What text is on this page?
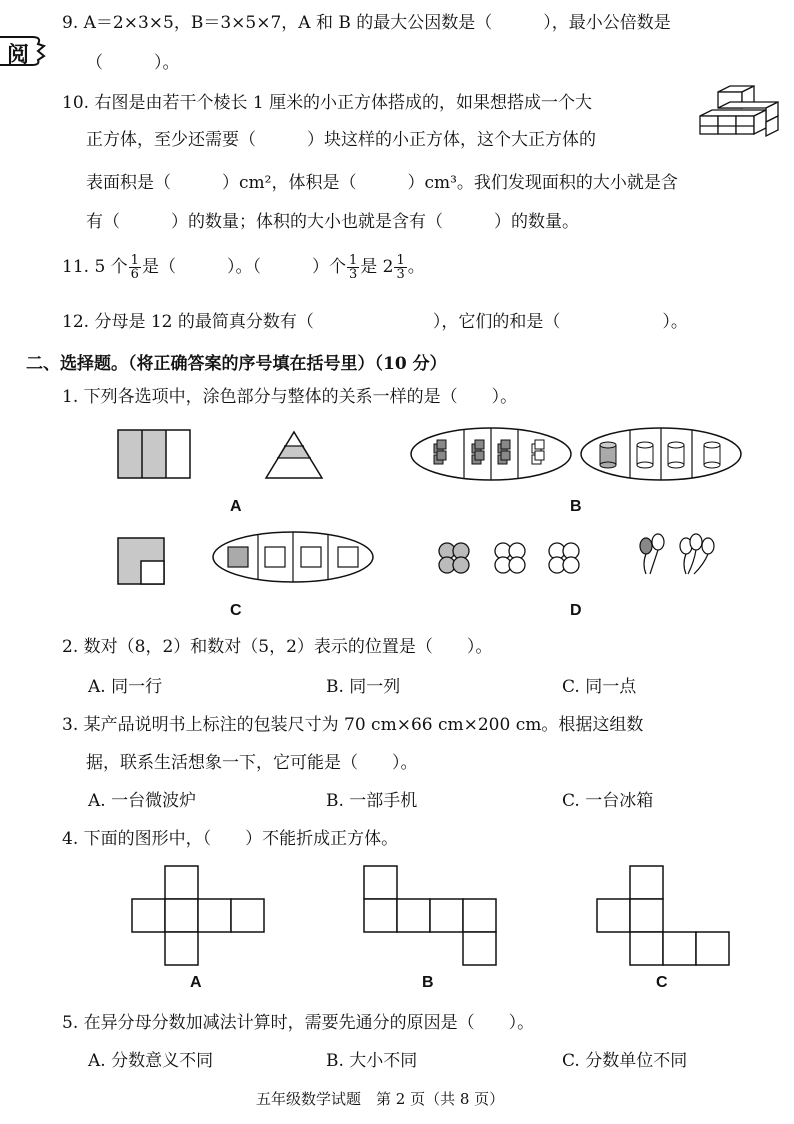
阅
9. A＝2×3×5，B＝3×5×7，A 和 B 的最大公因数是（　　　），最小公倍数是
（　　　）。
10. 右图是由若干个棱长 1 厘米的小正方体搭成的，如果想搭成一个大
正方体，至少还需要（　　　）块这样的小正方体，这个大正方体的
表面积是（　　　）cm²，体积是（　　　）cm³。我们发现面积的大小就是含
有（　　　）的数量；体积的大小也就是含有（　　　）的数量。
11. 5 个 $\frac{1}{6}$ 是（　　　）。（　　　）个 $\frac{1}{3}$ 是 $2 \frac{1}{3}$ 。
12. 分母是 12 的最简真分数有（　　　　　　　），它们的和是（　　　　　　）。
二、选择题。（将正确答案的序号填在括号里）（10 分）
1. 下列各选项中，涂色部分与整体的关系一样的是（　　）。
A	B
C	D
2. 数对（8，2）和数对（5，2）表示的位置是（　　）。
A. 同一行	B. 同一列	C. 同一点
3. 某产品说明书上标注的包装尺寸为 70 cm×66 cm×200 cm。根据这组数
据，联系生活想象一下，它可能是（　　）。
A. 一台微波炉	B. 一部手机	C. 一台冰箱
4. 下面的图形中，（　　）不能折成正方体。
A	B	C
5. 在异分母分数加减法计算时，需要先通分的原因是（　　）。
A. 分数意义不同	B. 大小不同	C. 分数单位不同
五年级数学试题　第 2 页（共 8 页）
